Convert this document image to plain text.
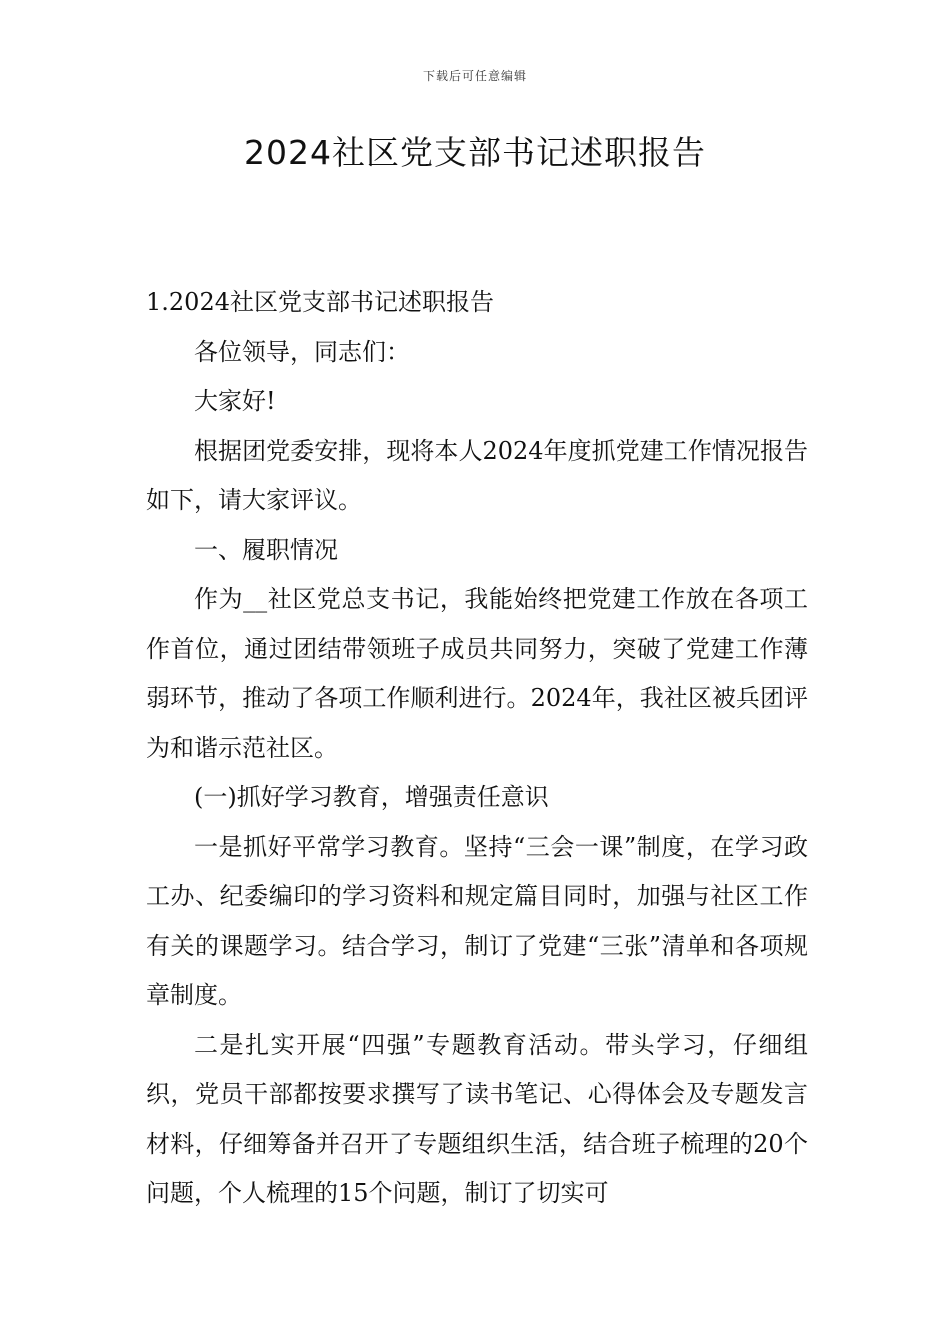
下载后可任意编辑
2024社区党支部书记述职报告

1.2024社区党支部书记述职报告

各位领导，同志们：

大家好!

根据团党委安排，现将本人2024年度抓党建工作情况报告如下，请大家评议。

一、履职情况

作为__社区党总支书记，我能始终把党建工作放在各项工作首位，通过团结带领班子成员共同努力，突破了党建工作薄弱环节，推动了各项工作顺利进行。2024年，我社区被兵团评为和谐示范社区。

(一)抓好学习教育，增强责任意识

一是抓好平常学习教育。坚持“三会一课”制度，在学习政工办、纪委编印的学习资料和规定篇目同时，加强与社区工作有关的课题学习。结合学习，制订了党建“三张”清单和各项规章制度。

二是扎实开展“四强”专题教育活动。带头学习，仔细组织，党员干部都按要求撰写了读书笔记、心得体会及专题发言材料，仔细筹备并召开了专题组织生活，结合班子梳理的20个问题，个人梳理的15个问题，制订了切实可
